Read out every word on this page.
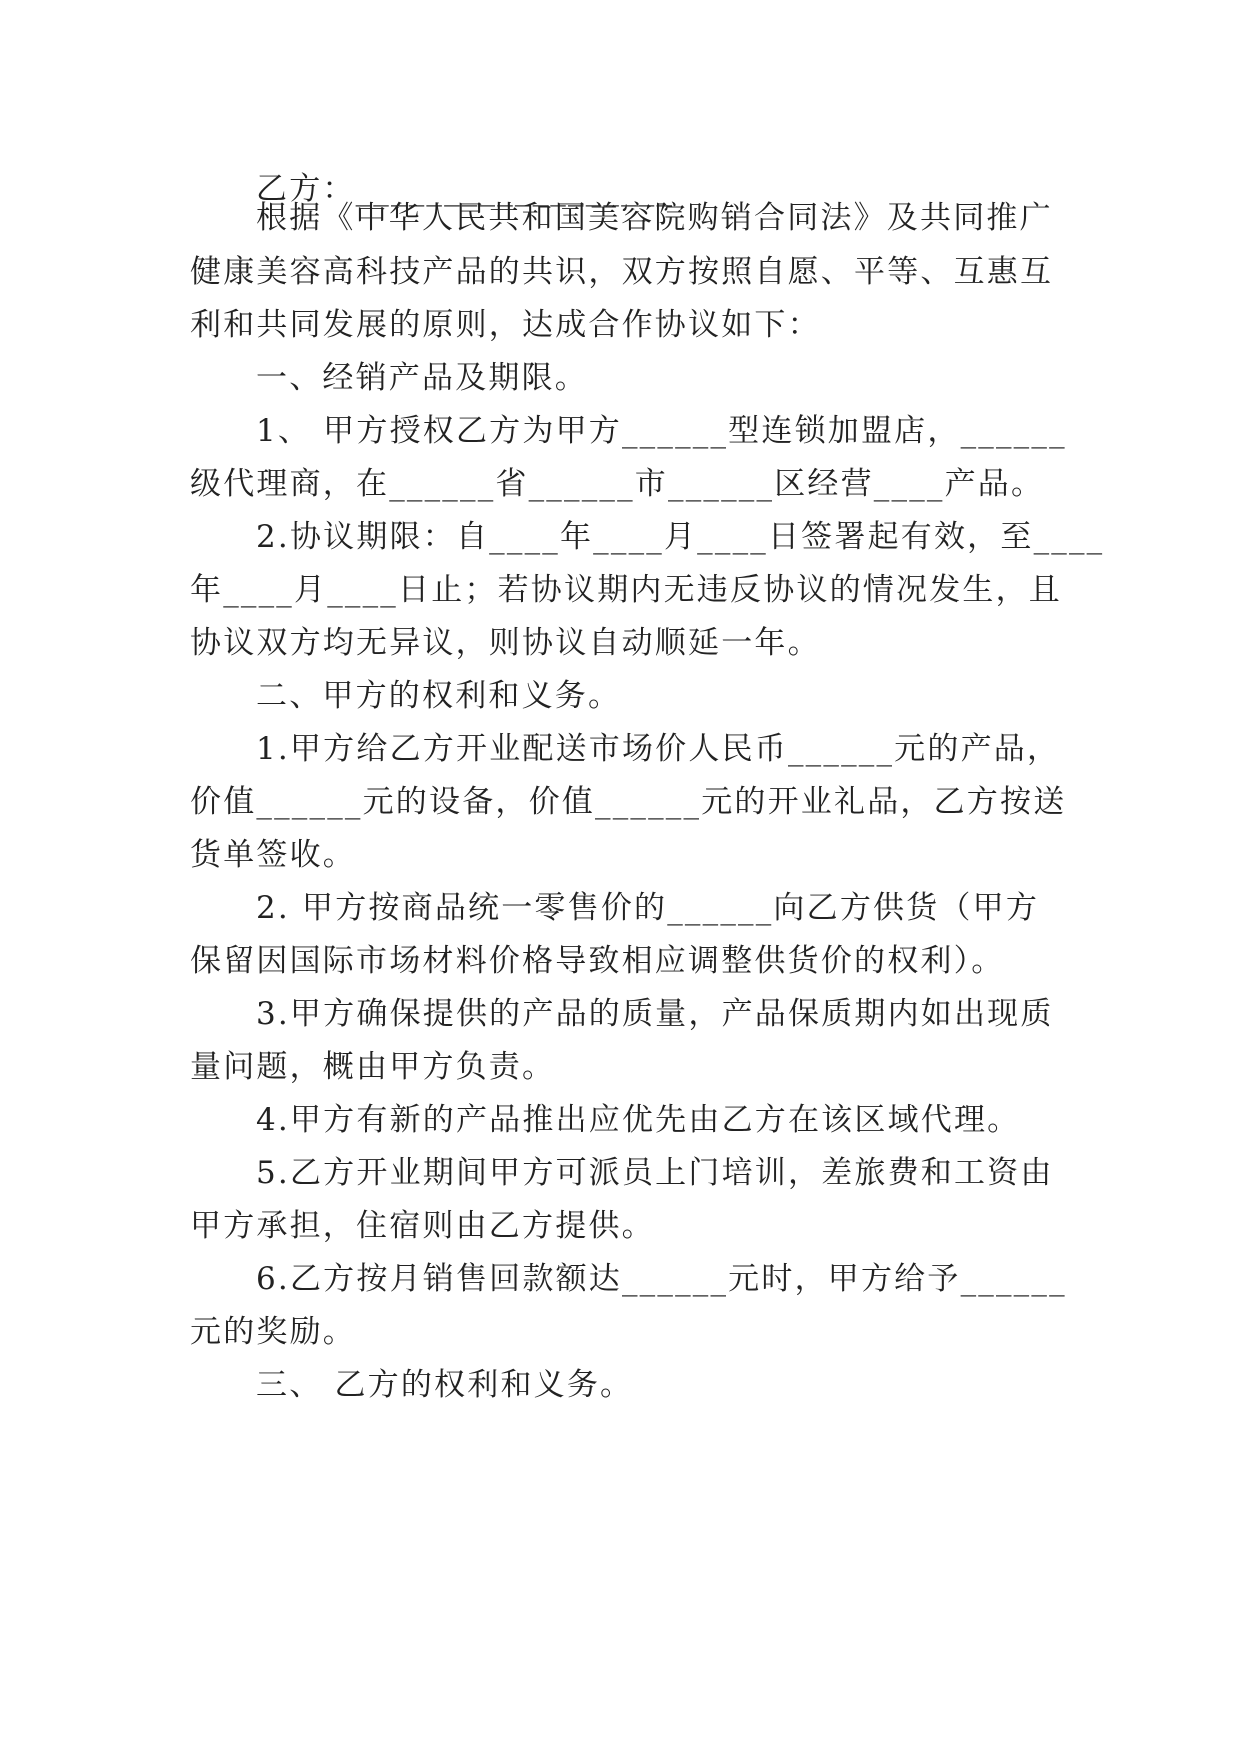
乙方：__________________
根据《中华人民共和国美容院购销合同法》及共同推广
健康美容高科技产品的共识，双方按照自愿、平等、互惠互
利和共同发展的原则，达成合作协议如下：
一、经销产品及期限。
1、 甲方授权乙方为甲方______型连锁加盟店，______
级代理商，在______省______市______区经营____产品。
2.协议期限：自____年____月____日签署起有效，至____
年____月____日止；若协议期内无违反协议的情况发生，且
协议双方均无异议，则协议自动顺延一年。
二、甲方的权利和义务。
1.甲方给乙方开业配送市场价人民币______元的产品，
价值______元的设备，价值______元的开业礼品，乙方按送
货单签收。
2. 甲方按商品统一零售价的______向乙方供货（甲方
保留因国际市场材料价格导致相应调整供货价的权利）。
3.甲方确保提供的产品的质量，产品保质期内如出现质
量问题，概由甲方负责。
4.甲方有新的产品推出应优先由乙方在该区域代理。
5.乙方开业期间甲方可派员上门培训，差旅费和工资由
甲方承担，住宿则由乙方提供。
6.乙方按月销售回款额达______元时，甲方给予______
元的奖励。
三、 乙方的权利和义务。
